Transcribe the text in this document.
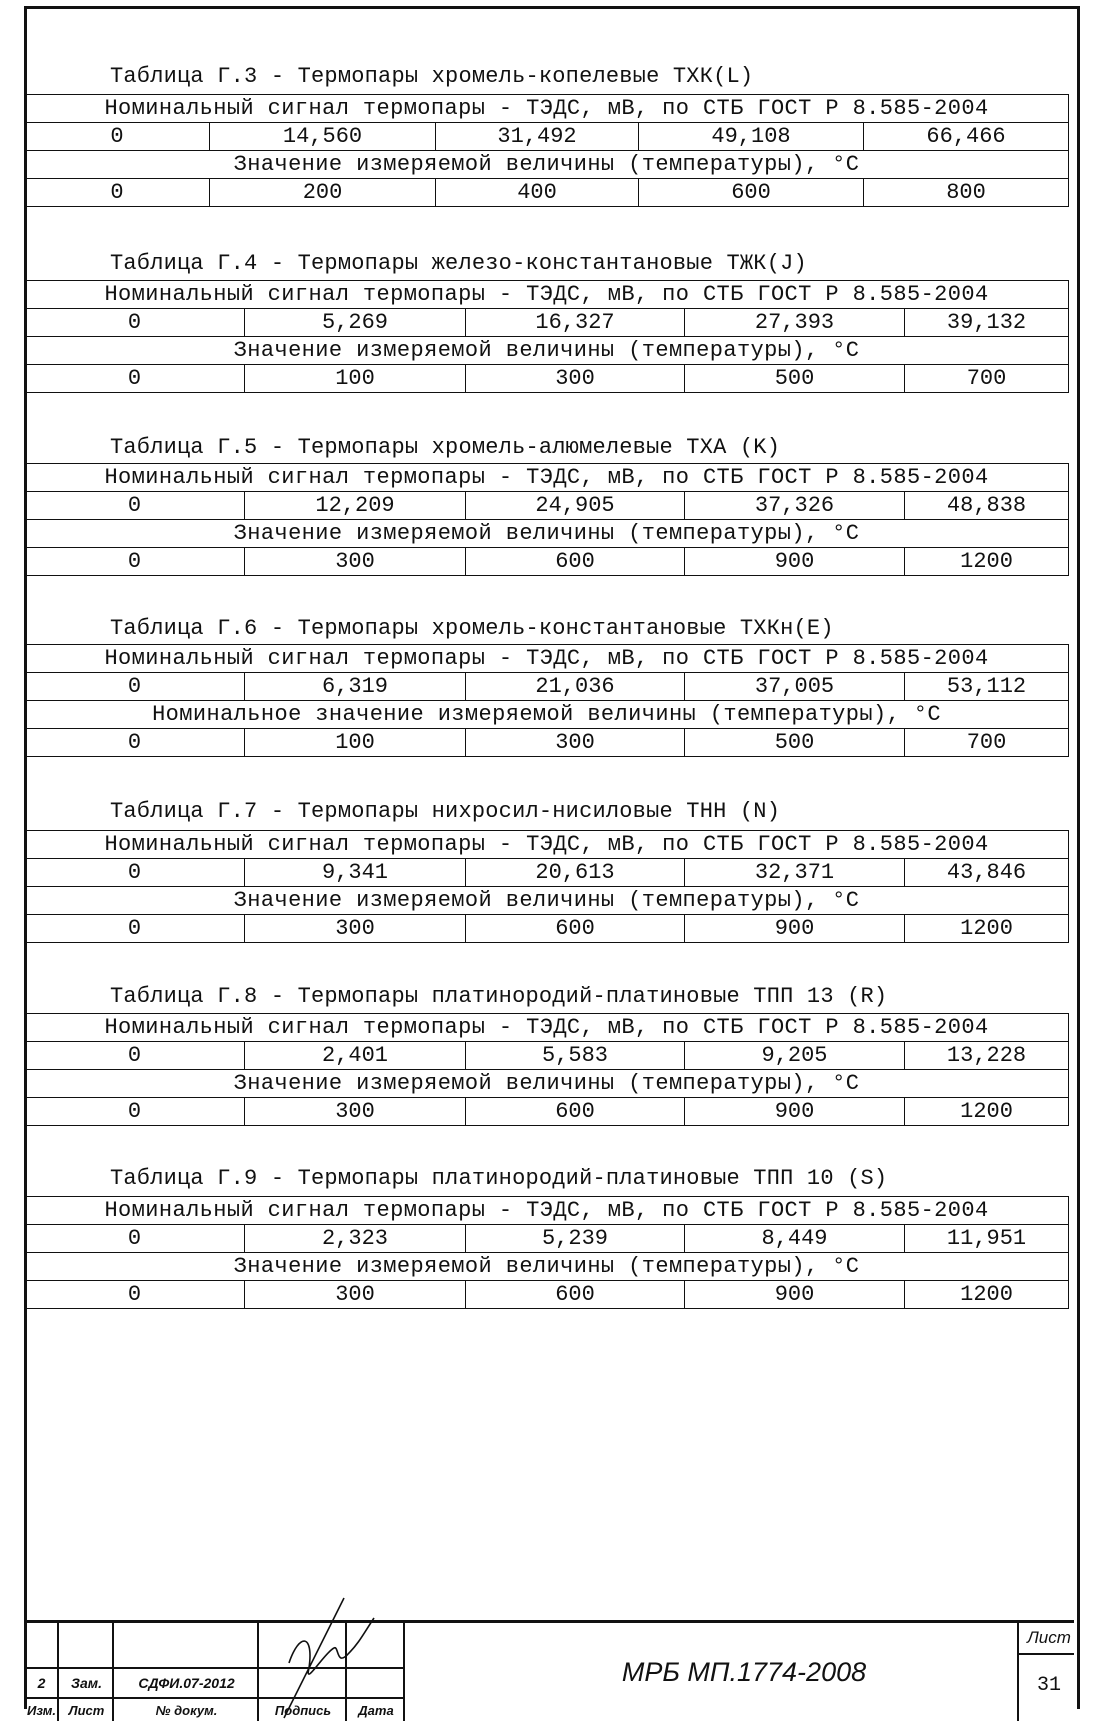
Таблица Г.3 - Термопары хромель-копелевые ТХК(L)
Номинальный сигнал термопары - ТЭДС, мВ, по СТБ ГОСТ Р 8.585-2004				
0	14,560	31,492	49,108	66,466
Значение измеряемой величины (температуры), °С				
0	200	400	600	800
Таблица Г.4 - Термопары железо-константановые ТЖК(J)
Номинальный сигнал термопары - ТЭДС, мВ, по СТБ ГОСТ Р 8.585-2004				
0	5,269	16,327	27,393	39,132
Значение измеряемой величины (температуры), °С				
0	100	300	500	700
Таблица Г.5 - Термопары хромель-алюмелевые ТХА (K)
Номинальный сигнал термопары - ТЭДС, мВ, по СТБ ГОСТ Р 8.585-2004				
0	12,209	24,905	37,326	48,838
Значение измеряемой величины (температуры), °С				
0	300	600	900	1200
Таблица Г.6 - Термопары хромель-константановые ТХКн(E)
Номинальный сигнал термопары - ТЭДС, мВ, по СТБ ГОСТ Р 8.585-2004				
0	6,319	21,036	37,005	53,112
Номинальное значение измеряемой величины (температуры), °С				
0	100	300	500	700
Таблица Г.7 - Термопары нихросил-нисиловые ТНН (N)
Номинальный сигнал термопары - ТЭДС, мВ, по СТБ ГОСТ Р 8.585-2004				
0	9,341	20,613	32,371	43,846
Значение измеряемой величины (температуры), °С				
0	300	600	900	1200
Таблица Г.8 - Термопары платинородий-платиновые ТПП 13 (R)
Номинальный сигнал термопары - ТЭДС, мВ, по СТБ ГОСТ Р 8.585-2004				
0	2,401	5,583	9,205	13,228
Значение измеряемой величины (температуры), °С				
0	300	600	900	1200
Таблица Г.9 - Термопары платинородий-платиновые ТПП 10 (S)
Номинальный сигнал термопары - ТЭДС, мВ, по СТБ ГОСТ Р 8.585-2004				
0	2,323	5,239	8,449	11,951
Значение измеряемой величины (температуры), °С				
0	300	600	900	1200
2	Зам.	СДФИ.07-2012
Изм. Лист	№ докум.	Подпись	Дата
МРБ МП.1774-2008
Лист
31
